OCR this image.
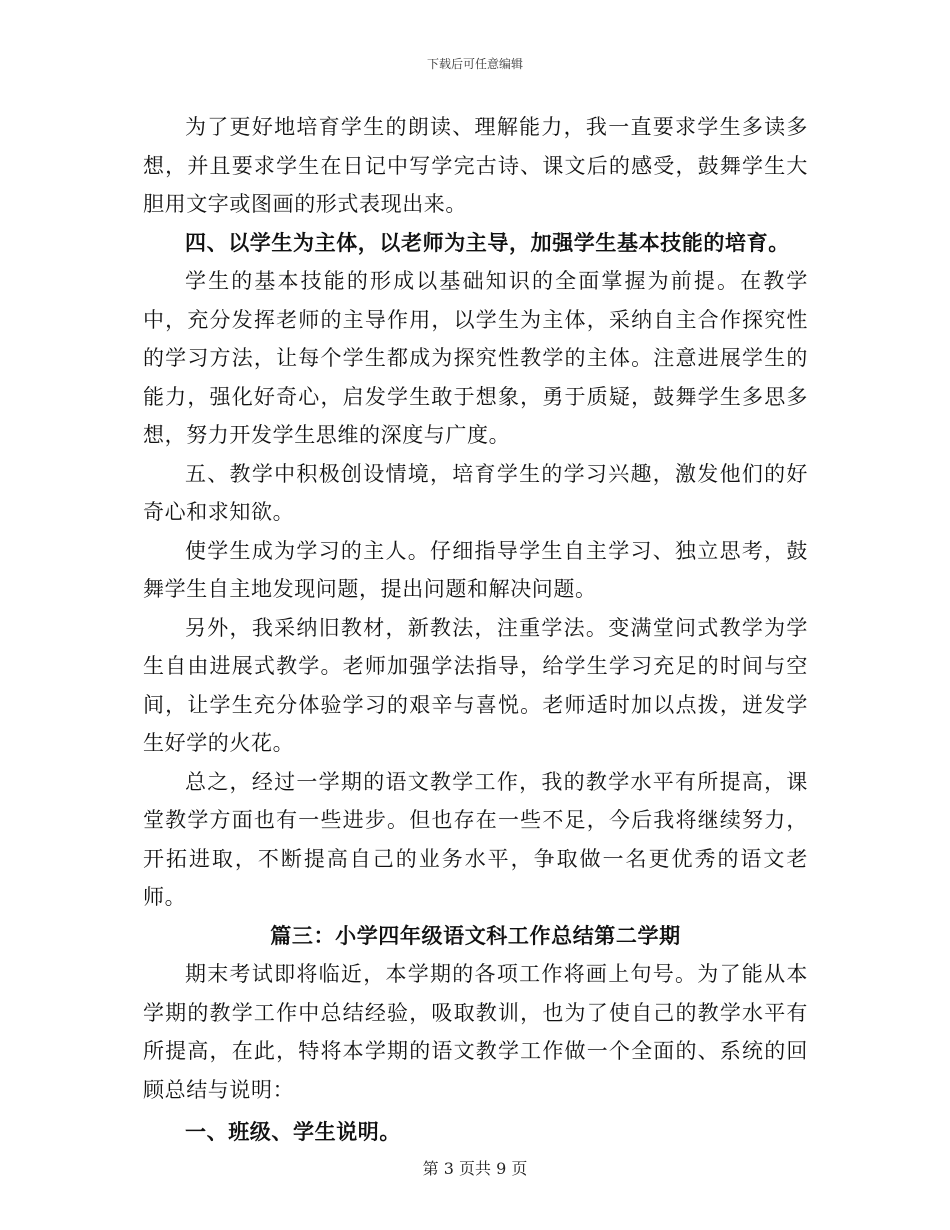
下载后可任意编辑

为了更好地培育学生的朗读、理解能力，我一直要求学生多读多想，并且要求学生在日记中写学完古诗、课文后的感受，鼓舞学生大胆用文字或图画的形式表现出来。

四、以学生为主体，以老师为主导，加强学生基本技能的培育。

学生的基本技能的形成以基础知识的全面掌握为前提。在教学中，充分发挥老师的主导作用，以学生为主体，采纳自主合作探究性的学习方法，让每个学生都成为探究性教学的主体。注意进展学生的能力，强化好奇心，启发学生敢于想象，勇于质疑，鼓舞学生多思多想，努力开发学生思维的深度与广度。

五、教学中积极创设情境，培育学生的学习兴趣，激发他们的好奇心和求知欲。

使学生成为学习的主人。仔细指导学生自主学习、独立思考，鼓舞学生自主地发现问题，提出问题和解决问题。

另外，我采纳旧教材，新教法，注重学法。变满堂问式教学为学生自由进展式教学。老师加强学法指导，给学生学习充足的时间与空间，让学生充分体验学习的艰辛与喜悦。老师适时加以点拨，迸发学生好学的火花。

总之，经过一学期的语文教学工作，我的教学水平有所提高，课堂教学方面也有一些进步。但也存在一些不足，今后我将继续努力，开拓进取，不断提高自己的业务水平，争取做一名更优秀的语文老师。

篇三：小学四年级语文科工作总结第二学期

期末考试即将临近，本学期的各项工作将画上句号。为了能从本学期的教学工作中总结经验，吸取教训，也为了使自己的教学水平有所提高，在此，特将本学期的语文教学工作做一个全面的、系统的回顾总结与说明：

一、班级、学生说明。

第 3 页共 9 页
